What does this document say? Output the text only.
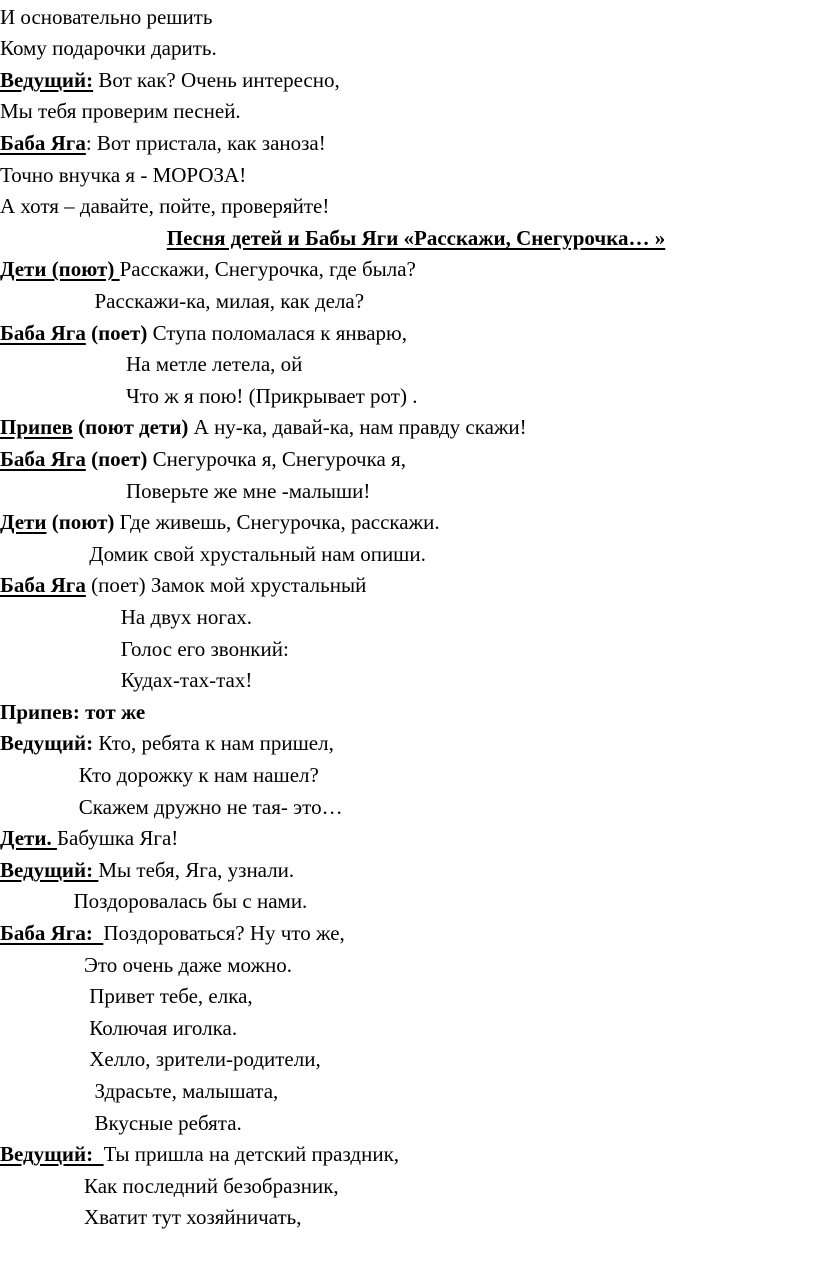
И основательно решить
Кому подарочки дарить.
Ведущий: Вот как? Очень интересно,
Мы тебя проверим песней.
Баба Яга: Вот пристала, как заноза!
Точно внучка я - МОРОЗА!
А хотя – давайте, пойте, проверяйте!
Песня детей и Бабы Яги «Расскажи, Снегурочка… »
Дети (поют) Расскажи, Снегурочка, где была?
Расскажи-ка, милая, как дела?
Баба Яга (поет) Ступа поломалася к январю,
На метле летела, ой
Что ж я пою! (Прикрывает рот) .
Припев (поют дети) А ну-ка, давай-ка, нам правду скажи!
Баба Яга (поет) Снегурочка я, Снегурочка я,
Поверьте же мне -малыши!
Дети (поют) Где живешь, Снегурочка, расскажи.
Домик свой хрустальный нам опиши.
Баба Яга (поет) Замок мой хрустальный
На двух ногах.
Голос его звонкий:
Кудах-тах-тах!
Припев: тот же
Ведущий: Кто, ребята к нам пришел,
Кто дорожку к нам нашел?
Скажем дружно не тая- это…
Дети. Бабушка Яга!
Ведущий: Мы тебя, Яга, узнали.
Поздоровалась бы с нами.
Баба Яга:  Поздороваться? Ну что же,
Это очень даже можно.
Привет тебе, елка,
Колючая иголка.
Хелло, зрители-родители,
Здрасьте, малышата,
Вкусные ребята.
Ведущий:  Ты пришла на детский праздник,
Как последний безобразник,
Хватит тут хозяйничать,
